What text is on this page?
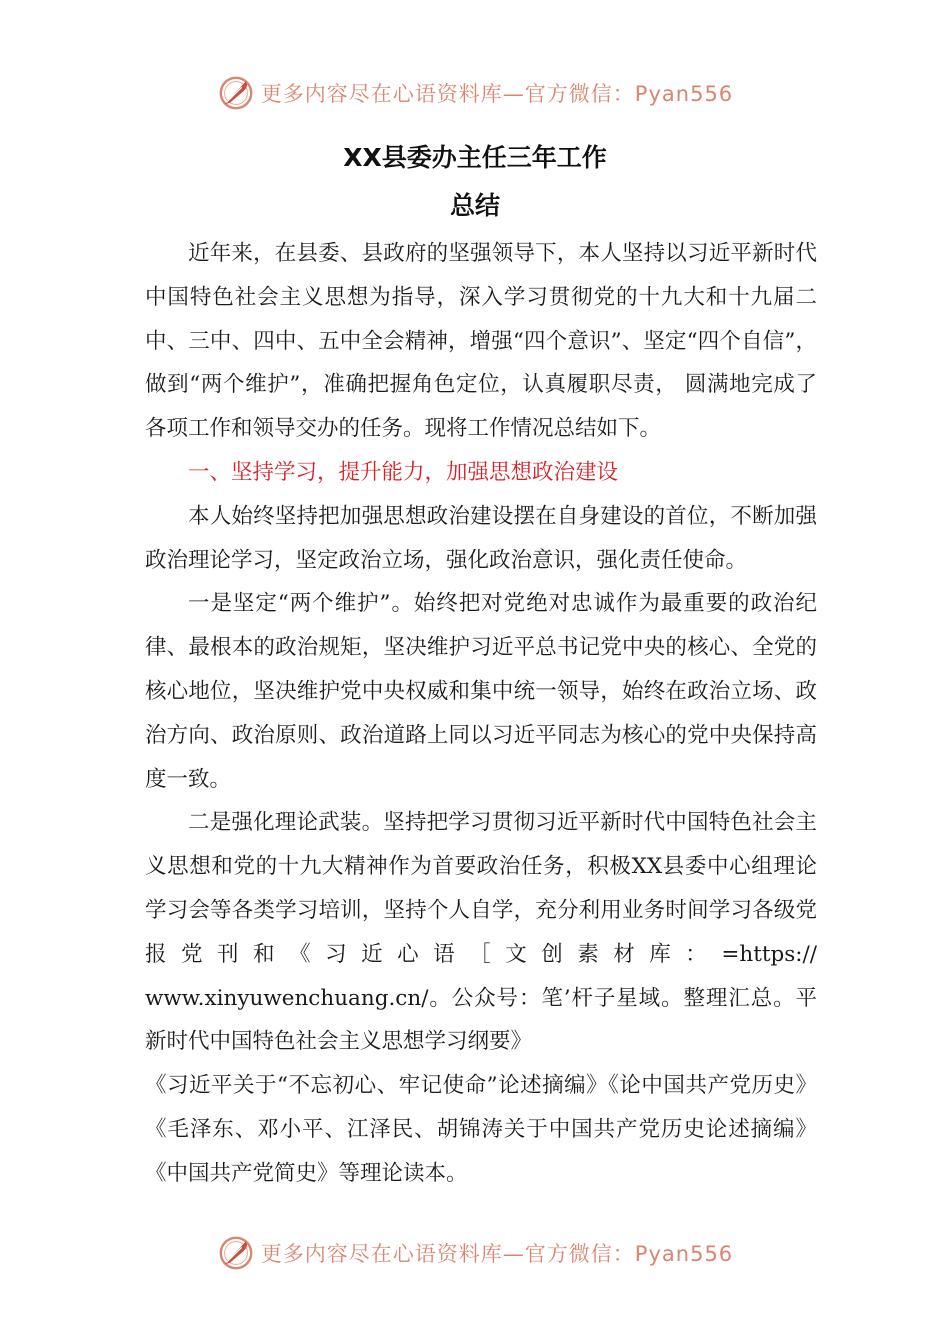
更多内容尽在心语资料库—官方微信：Pyan556
XX县委办主任三年工作
总结

近年来，在县委、县政府的坚强领导下，本人坚持以习近平新时代中国特色社会主义思想为指导，深入学习贯彻党的十九大和十九届二中、三中、四中、五中全会精神，增强“四个意识”、坚定“四个自信”，做到“两个维护”，准确把握角色定位，认真履职尽责， 圆满地完成了各项工作和领导交办的任务。现将工作情况总结如下。

一、坚持学习，提升能力，加强思想政治建设

本人始终坚持把加强思想政治建设摆在自身建设的首位，不断加强政治理论学习，坚定政治立场，强化政治意识，强化责任使命。

一是坚定“两个维护”。始终把对党绝对忠诚作为最重要的政治纪律、最根本的政治规矩，坚决维护习近平总书记党中央的核心、全党的核心地位，坚决维护党中央权威和集中统一领导，始终在政治立场、政治方向、政治原则、政治道路上同以习近平同志为核心的党中央保持高度一致。

二是强化理论武装。坚持把学习贯彻习近平新时代中国特色社会主义思想和党的十九大精神作为首要政治任务，积极XX县委中心组理论学习会等各类学习培训，坚持个人自学，充分利用业务时间学习各级党报党刊和《习近心语［文创素材库：=https://

www.xinyuwenchuang.cn/。公众号：笔’杆子星域。整理汇总。平新时代中国特色社会主义思想学习纲要》

《习近平关于“不忘初心、牢记使命”论述摘编》《论中国共产党历史》《毛泽东、邓小平、江泽民、胡锦涛关于中国共产党历史论述摘编》《中国共产党简史》等理论读本。

更多内容尽在心语资料库—官方微信：Pyan556
